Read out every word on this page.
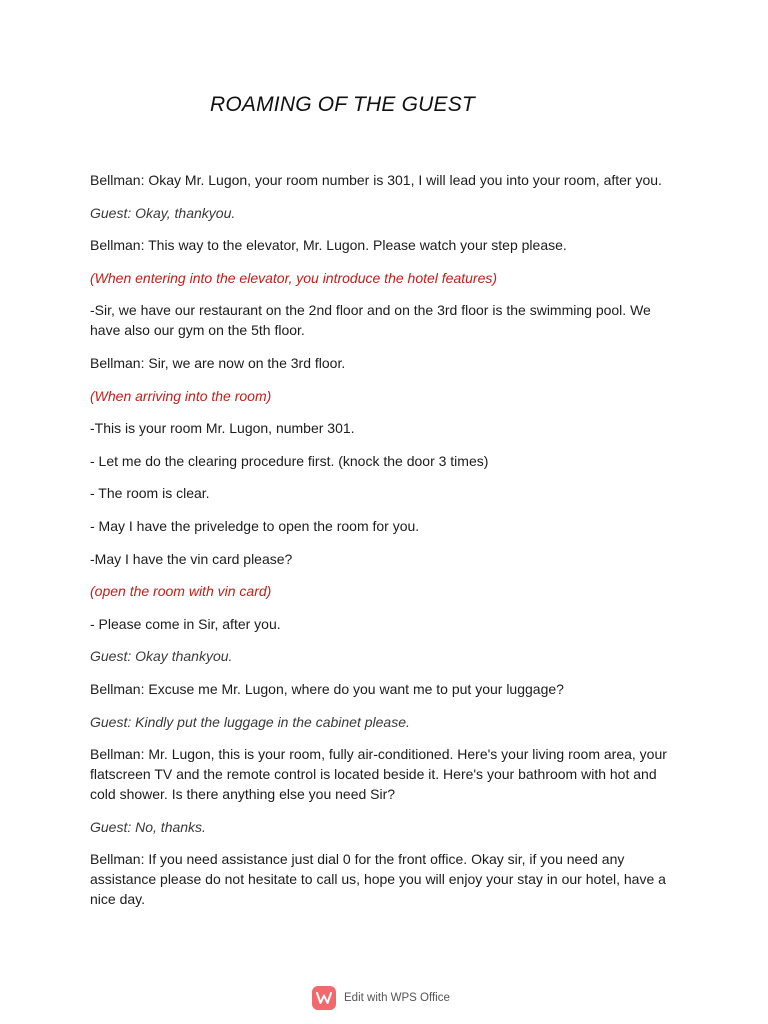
ROAMING OF THE GUEST

Bellman: Okay Mr. Lugon, your room number is 301, I will lead you into your room, after you.

Guest: Okay, thankyou.

Bellman: This way to the elevator, Mr. Lugon. Please watch your step please.

(When entering into the elevator, you introduce the hotel features)

-Sir, we have our restaurant on the 2nd floor and on the 3rd floor is the swimming pool. We have also our gym on the 5th floor.

Bellman: Sir, we are now on the 3rd floor.

(When arriving into the room)

-This is your room Mr. Lugon, number 301.

- Let me do the clearing procedure first. (knock the door 3 times)

- The room is clear.

- May I have the priveledge to open the room for you.

-May I have the vin card please?

(open the room with vin card)

- Please come in Sir, after you.

Guest: Okay thankyou.

Bellman: Excuse me Mr. Lugon, where do you want me to put your luggage?

Guest: Kindly put the luggage in the cabinet please.

Bellman: Mr. Lugon, this is your room, fully air-conditioned. Here's your living room area, your flatscreen TV and the remote control is located beside it. Here's your bathroom with hot and cold shower. Is there anything else you need Sir?

Guest: No, thanks.

Bellman: If you need assistance just dial 0 for the front office. Okay sir, if you need any assistance please do not hesitate to call us, hope you will enjoy your stay in our hotel, have a nice day.

Edit with WPS Office
